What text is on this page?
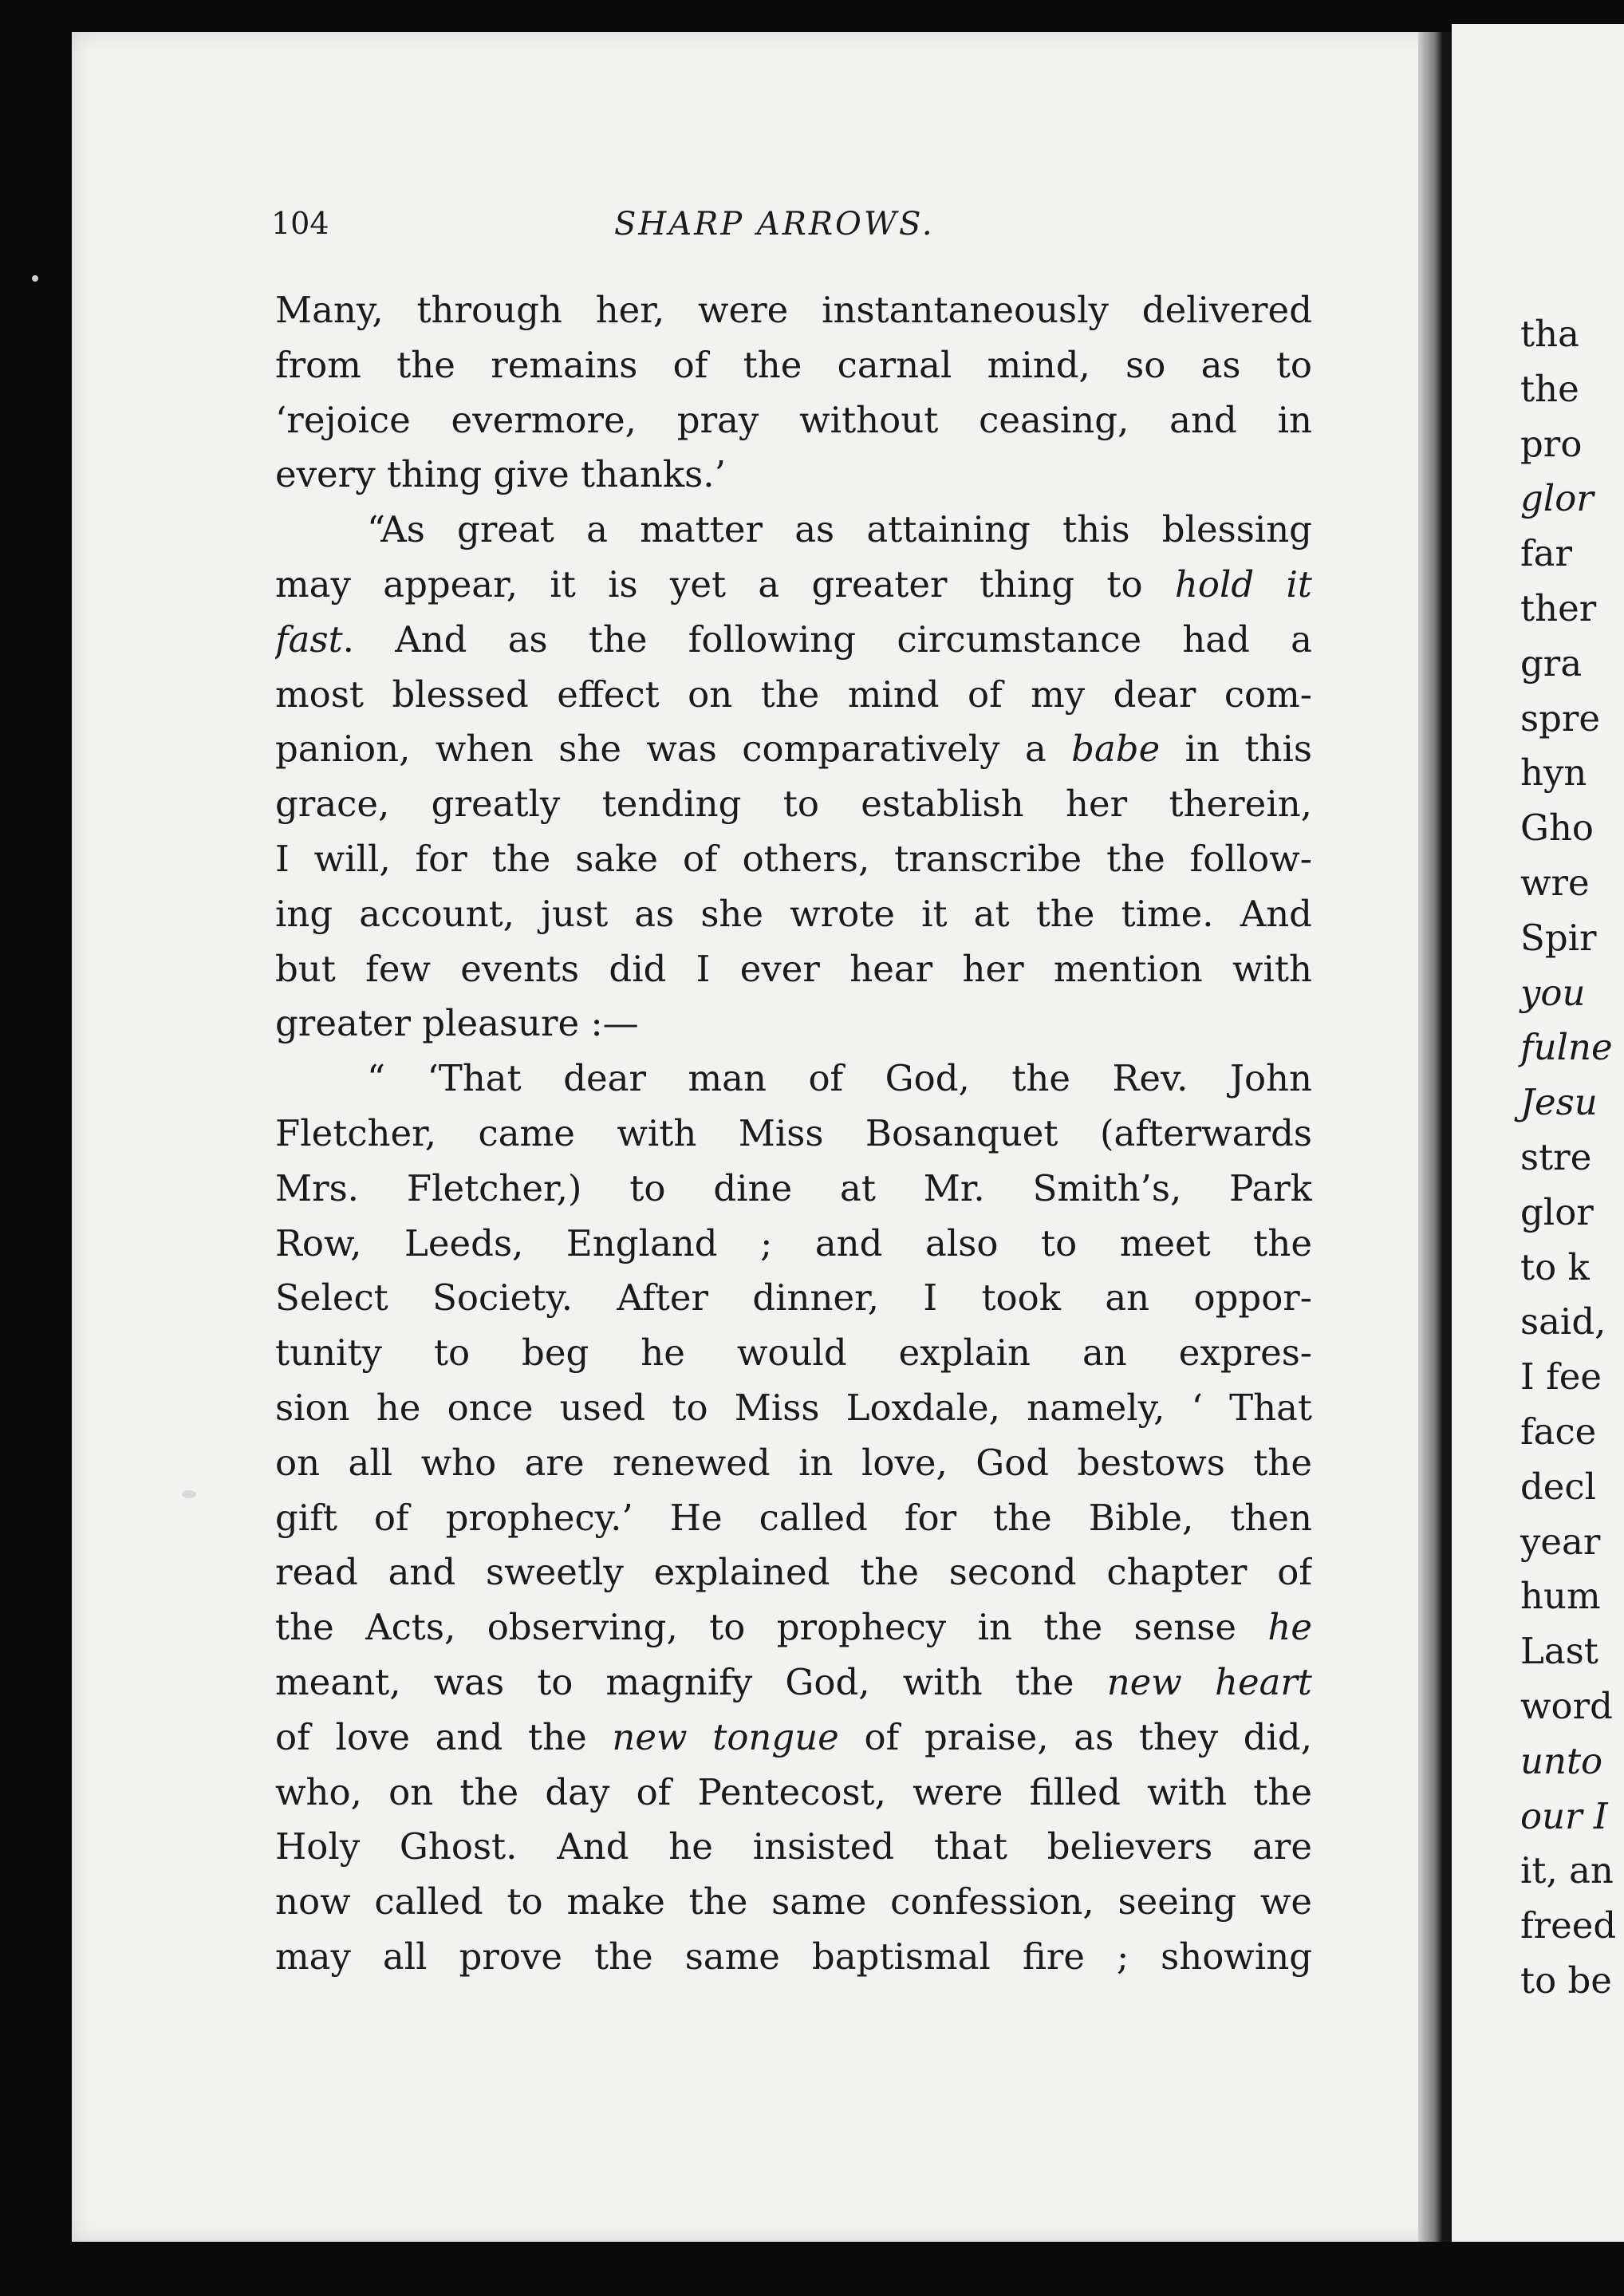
104	SHARP ARROWS.
Many, through her, were instantaneously delivered
from the remains of the carnal mind, so as to
‘rejoice evermore, pray without ceasing, and in
every thing give thanks.’
“As great a matter as attaining this blessing
may appear, it is yet a greater thing to hold it
fast. And as the following circumstance had a
most blessed effect on the mind of my dear com-
panion, when she was comparatively a babe in this
grace, greatly tending to establish her therein,
I will, for the sake of others, transcribe the follow-
ing account, just as she wrote it at the time. And
but few events did I ever hear her mention with
greater pleasure :—
“ ‘That dear man of God, the Rev. John
Fletcher, came with Miss Bosanquet (afterwards
Mrs. Fletcher,) to dine at Mr. Smith’s, Park
Row, Leeds, England ; and also to meet the
Select Society. After dinner, I took an oppor-
tunity to beg he would explain an expres-
sion he once used to Miss Loxdale, namely, ‘ That
on all who are renewed in love, God bestows the
gift of prophecy.’ He called for the Bible, then
read and sweetly explained the second chapter of
the Acts, observing, to prophecy in the sense he
meant, was to magnify God, with the new heart
of love and the new tongue of praise, as they did,
who, on the day of Pentecost, were filled with the
Holy Ghost. And he insisted that believers are
now called to make the same confession, seeing we
may all prove the same baptismal fire ; showing
tha
the
pro
glor
far
ther
gra
spre
hyn
Gho
wre
Spir
you
fulne
Jesu
stre
glor
to k
said,
I fee
face
decl
year
hum
Last
word
unto
our I
it, an
freed
to be
